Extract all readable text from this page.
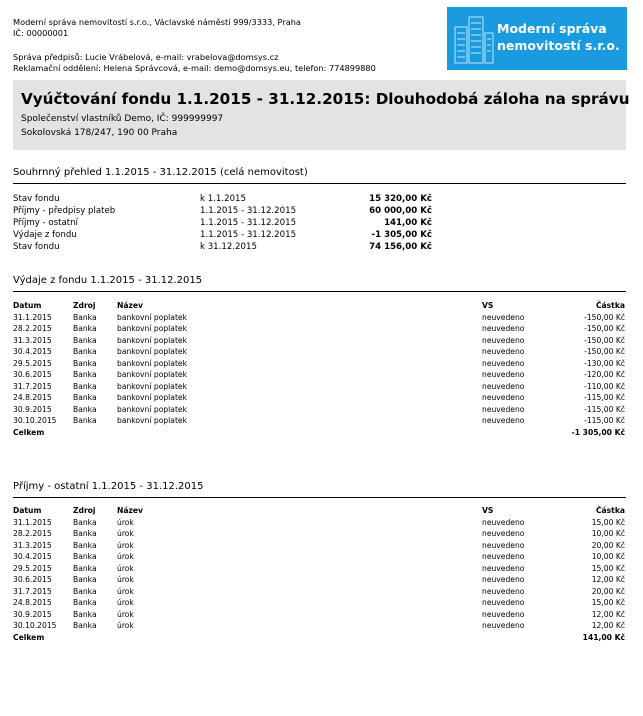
Moderní správa nemovitostí s.r.o., Václavské náměstí 999/3333, Praha
IČ: 00000001
Správa předpisů: Lucie Vrábelová, e-mail: vrabelova@domsys.cz
Reklamační oddělení: Helena Správcová, e-mail: demo@domsys.eu, telefon: 774899880
Moderní správa
nemovitostí s.r.o.
Vyúčtování fondu 1.1.2015 - 31.12.2015: Dlouhodobá záloha na správu
Společenství vlastníků Demo, IČ: 999999997
Sokolovská 178/247, 190 00 Praha
Souhrnný přehled 1.1.2015 - 31.12.2015 (celá nemovitost)
Stav fondu	k 1.1.2015	15 320,00 Kč
Příjmy - předpisy plateb	1.1.2015 - 31.12.2015	60 000,00 Kč
Příjmy - ostatní	1.1.2015 - 31.12.2015	141,00 Kč
Výdaje z fondu	1.1.2015 - 31.12.2015	-1 305,00 Kč
Stav fondu	k 31.12.2015	74 156,00 Kč
Výdaje z fondu 1.1.2015 - 31.12.2015
Datum	Zdroj	Název	VS	Částka
31.1.2015	Banka	bankovní poplatek	neuvedeno	-150,00 Kč
28.2.2015	Banka	bankovní poplatek	neuvedeno	-150,00 Kč
31.3.2015	Banka	bankovní poplatek	neuvedeno	-150,00 Kč
30.4.2015	Banka	bankovní poplatek	neuvedeno	-150,00 Kč
29.5.2015	Banka	bankovní poplatek	neuvedeno	-130,00 Kč
30.6.2015	Banka	bankovní poplatek	neuvedeno	-120,00 Kč
31.7.2015	Banka	bankovní poplatek	neuvedeno	-110,00 Kč
24.8.2015	Banka	bankovní poplatek	neuvedeno	-115,00 Kč
30.9.2015	Banka	bankovní poplatek	neuvedeno	-115,00 Kč
30.10.2015	Banka	bankovní poplatek	neuvedeno	-115,00 Kč
Celkem				-1 305,00 Kč
Příjmy - ostatní 1.1.2015 - 31.12.2015
Datum	Zdroj	Název	VS	Částka
31.1.2015	Banka	úrok	neuvedeno	15,00 Kč
28.2.2015	Banka	úrok	neuvedeno	10,00 Kč
31.3.2015	Banka	úrok	neuvedeno	20,00 Kč
30.4.2015	Banka	úrok	neuvedeno	10,00 Kč
29.5.2015	Banka	úrok	neuvedeno	15,00 Kč
30.6.2015	Banka	úrok	neuvedeno	12,00 Kč
31.7.2015	Banka	úrok	neuvedeno	20,00 Kč
24.8.2015	Banka	úrok	neuvedeno	15,00 Kč
30.9.2015	Banka	úrok	neuvedeno	12,00 Kč
30.10.2015	Banka	úrok	neuvedeno	12,00 Kč
Celkem				141,00 Kč
